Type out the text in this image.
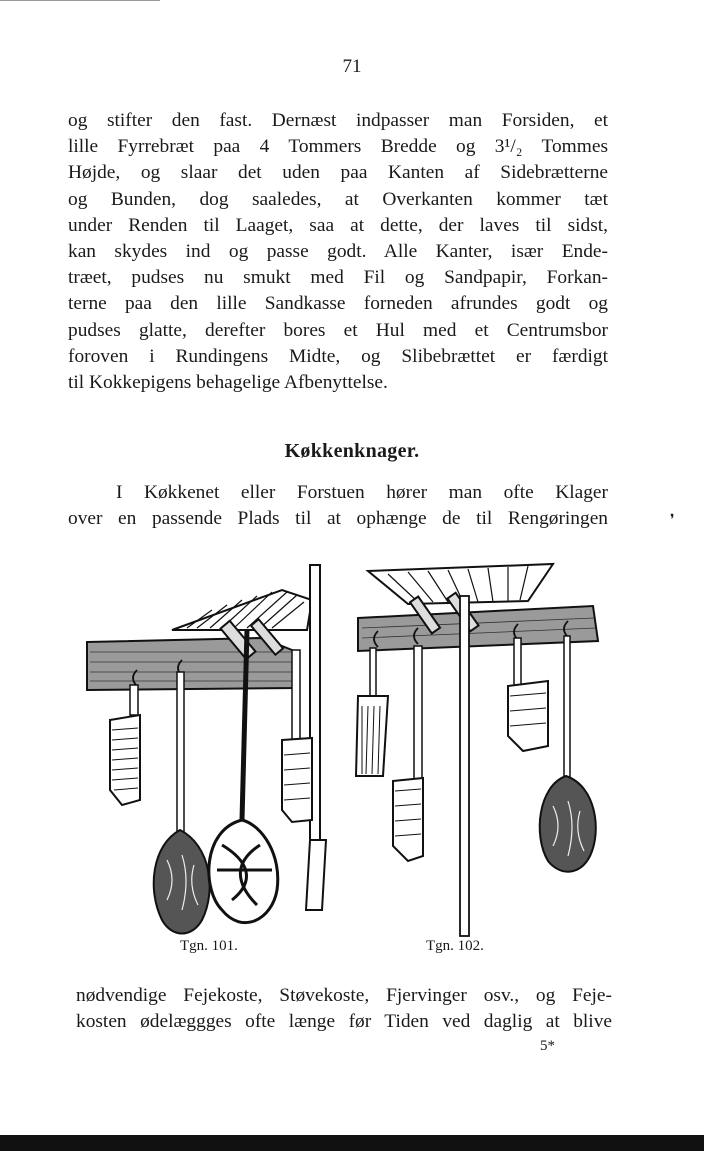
71
og stifter den fast. Dernæst indpasser man Forsiden, et
lille Fyrrebræt paa 4 Tommers Bredde og 3¹/₂ Tommes
Højde, og slaar det uden paa Kanten af Sidebrætterne
og Bunden, dog saaledes, at Overkanten kommer tæt
under Renden til Laaget, saa at dette, der laves til sidst,
kan skydes ind og passe godt. Alle Kanter, især Ende-
træet, pudses nu smukt med Fil og Sandpapir, Forkan-
terne paa den lille Sandkasse forneden afrundes godt og
pudses glatte, derefter bores et Hul med et Centrumsbor
foroven i Rundingens Midte, og Slibebrættet er færdigt
til Kokkepigens behagelige Afbenyttelse.
Køkkenknager.
I Køkkenet eller Forstuen hører man ofte Klager
over en passende Plads til at ophænge de til Rengøringen	❜
Tgn. 101.	Tgn. 102.
nødvendige Fejekoste, Støvekoste, Fjervinger osv., og Feje-
kosten ødelæggges ofte længe før Tiden ved daglig at blive
5*
